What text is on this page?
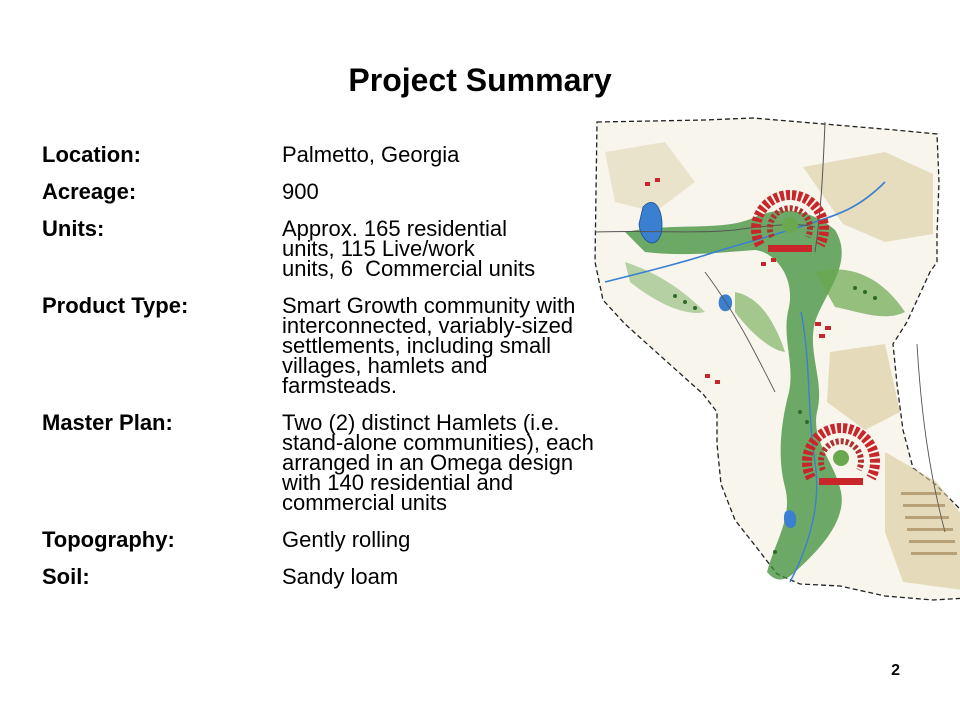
Project Summary
Location:	Palmetto, Georgia
Acreage:	900
Units:	Approx. 165 residential
units, 115 Live/work
units, 6  Commercial units
Product Type:	Smart Growth community with
interconnected, variably-sized
settlements, including small
villages, hamlets and
farmsteads.
Master Plan:	Two (2) distinct Hamlets (i.e.
stand-alone communities), each
arranged in an Omega design
with 140 residential and
commercial units
Topography:	Gently rolling
Soil:	Sandy loam
2
